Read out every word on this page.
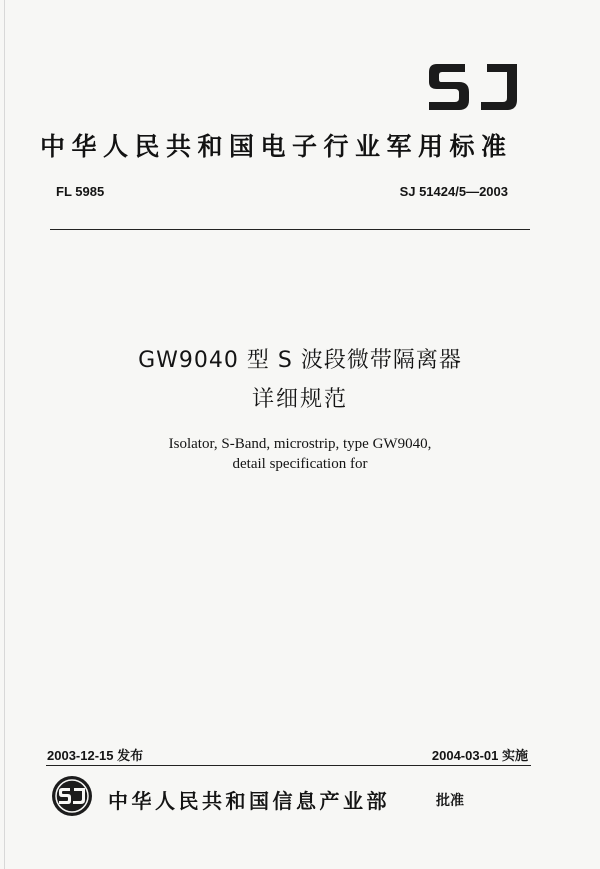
中华人民共和国电子行业军用标准
FL 5985	SJ 51424/5—2003
GW9040 型 S 波段微带隔离器
详细规范
Isolator, S-Band, microstrip, type GW9040,
detail specification for
2003-12-15 发布	2004-03-01 实施
中华人民共和国信息产业部	批准
